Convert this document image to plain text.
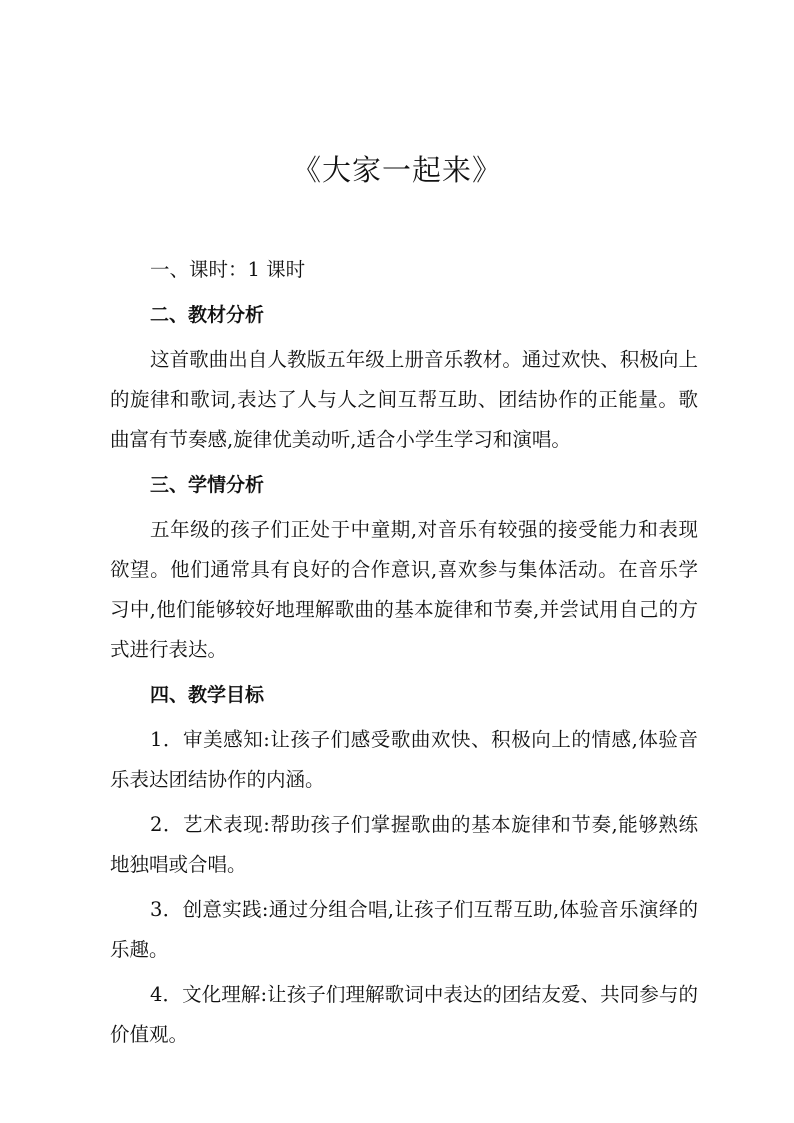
《大家一起来》

一、课时：1 课时

二、教材分析

这首歌曲出自人教版五年级上册音乐教材。通过欢快、积极向上的旋律和歌词,表达了人与人之间互帮互助、团结协作的正能量。歌曲富有节奏感,旋律优美动听,适合小学生学习和演唱。

三、学情分析

五年级的孩子们正处于中童期,对音乐有较强的接受能力和表现欲望。他们通常具有良好的合作意识,喜欢参与集体活动。在音乐学习中,他们能够较好地理解歌曲的基本旋律和节奏,并尝试用自己的方式进行表达。

四、教学目标

1．审美感知:让孩子们感受歌曲欢快、积极向上的情感,体验音乐表达团结协作的内涵。

2．艺术表现:帮助孩子们掌握歌曲的基本旋律和节奏,能够熟练地独唱或合唱。

3．创意实践:通过分组合唱,让孩子们互帮互助,体验音乐演绎的乐趣。

4．文化理解:让孩子们理解歌词中表达的团结友爱、共同参与的价值观。
